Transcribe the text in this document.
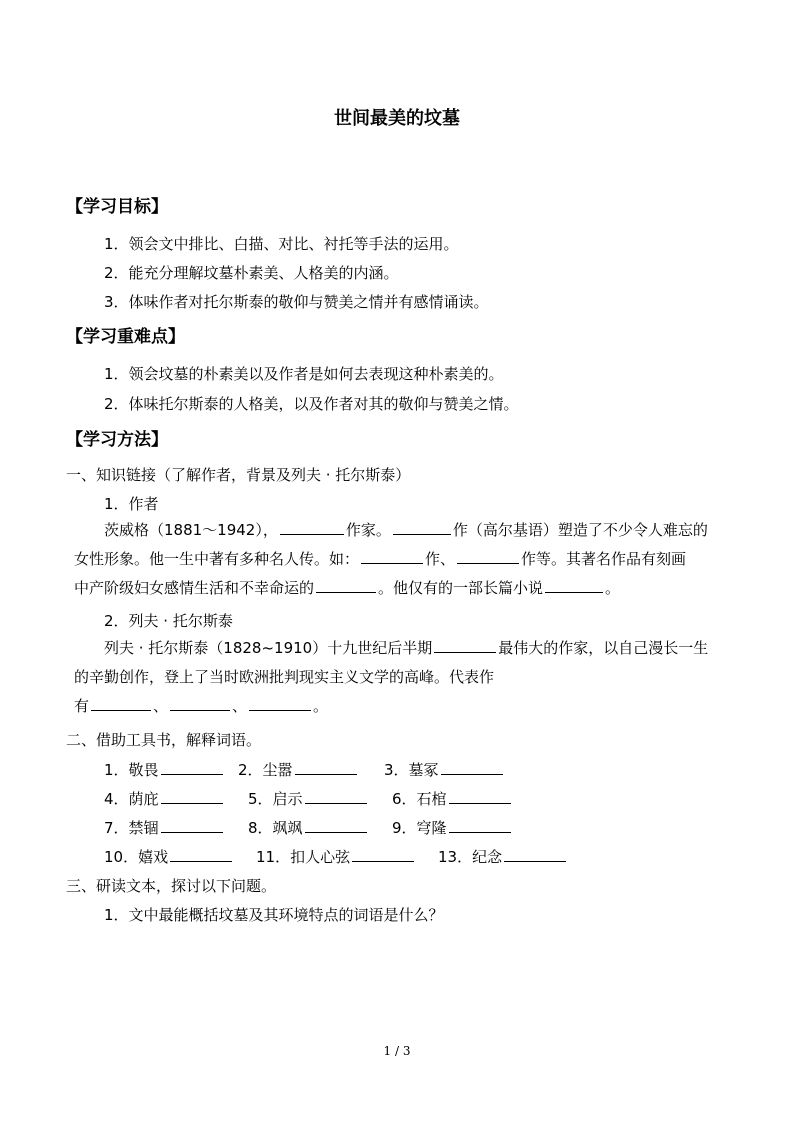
世间最美的坟墓
【学习目标】
1．领会文中排比、白描、对比、衬托等手法的运用。
2．能充分理解坟墓朴素美、人格美的内涵。
3．体味作者对托尔斯泰的敬仰与赞美之情并有感情诵读。
【学习重难点】
1．领会坟墓的朴素美以及作者是如何去表现这种朴素美的。
2．体味托尔斯泰的人格美，以及作者对其的敬仰与赞美之情。
【学习方法】
一、知识链接（了解作者，背景及列夫 · 托尔斯泰）
1．作者
茨威格（1881～1942），	作家。	作（高尔基语）塑造了不少令人难忘的
女性形象。他一生中著有多种名人传。如：	作、	作等。其著名作品有刻画
中产阶级妇女感情生活和不幸命运的	。他仅有的一部长篇小说	。
2．列夫 · 托尔斯泰
列夫 · 托尔斯泰（1828~1910）十九世纪后半期	最伟大的作家，以自己漫长一生
的辛勤创作，登上了当时欧洲批判现实主义文学的高峰。代表作
有	、	、	。
二、借助工具书，解释词语。
1．敬畏	2．尘嚣	3．墓冢
4．荫庇	5．启示	6．石棺
7．禁锢	8．飒飒	9．穹隆
10．嬉戏	11．扣人心弦	13．纪念
三、研读文本，探讨以下问题。
1．文中最能概括坟墓及其环境特点的词语是什么？
1 / 3
